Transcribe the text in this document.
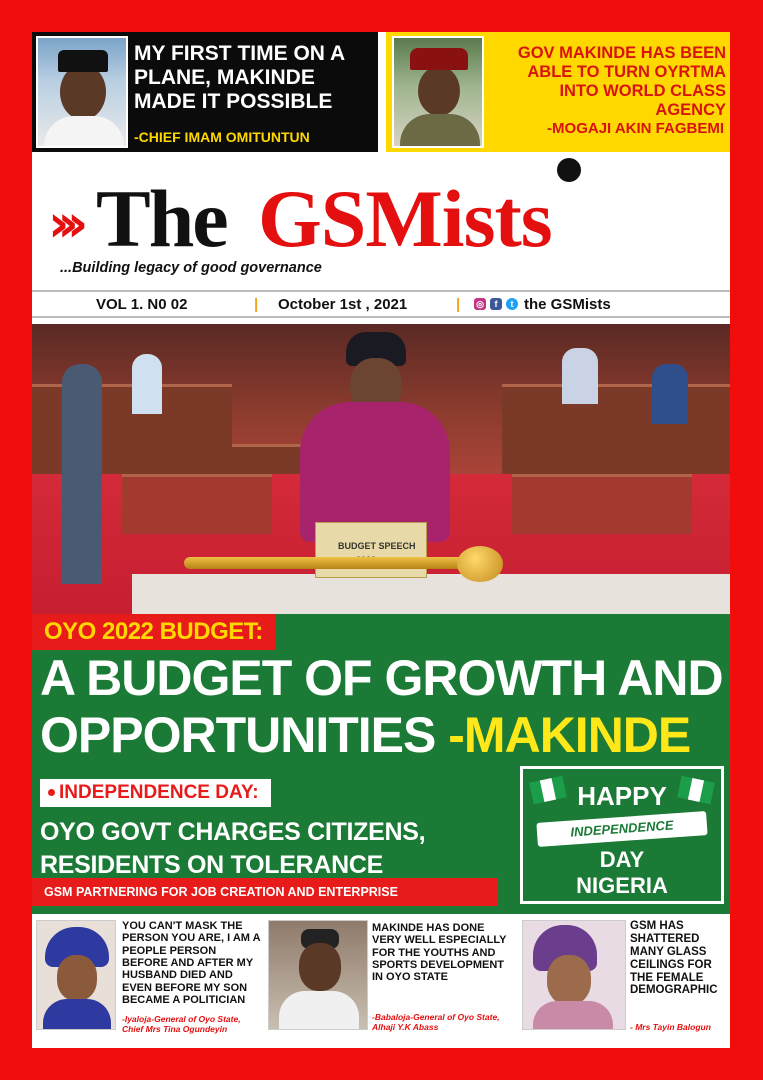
MY FIRST TIME ON A PLANE, MAKINDE MADE IT POSSIBLE
-CHIEF IMAM OMITUNTUN
GOV MAKINDE HAS BEEN ABLE TO TURN OYRTMA INTO WORLD CLASS AGENCY
-MOGAJI AKIN FAGBEMI
››› The GSMists
...Building legacy of good governance
VOL 1. N0 02	| October 1st , 2021	| ◎	f	t the GSMists
BUDGET SPEECH
OYO 2022 BUDGET:
A BUDGET OF GROWTH AND OPPORTUNITIES -MAKINDE
INDEPENDENCE DAY:
OYO GOVT CHARGES CITIZENS, RESIDENTS ON TOLERANCE
GSM PARTNERING FOR JOB CREATION AND ENTERPRISE
HAPPY
INDEPENDENCE
DAY
NIGERIA
YOU CAN'T MASK THE PERSON YOU ARE, I AM A PEOPLE PERSON BEFORE AND AFTER MY HUSBAND DIED AND EVEN BEFORE MY SON BECAME A POLITICIAN
-Iyaloja-General of Oyo State, Chief Mrs Tina Ogundeyin
MAKINDE HAS DONE VERY WELL ESPECIALLY FOR THE YOUTHS AND SPORTS DEVELOPMENT IN OYO STATE
-Babaloja-General of Oyo State, Alhaji Y.K Abass
GSM HAS SHATTERED MANY GLASS CEILINGS FOR THE FEMALE DEMOGRAPHIC
- Mrs Tayin Balogun
